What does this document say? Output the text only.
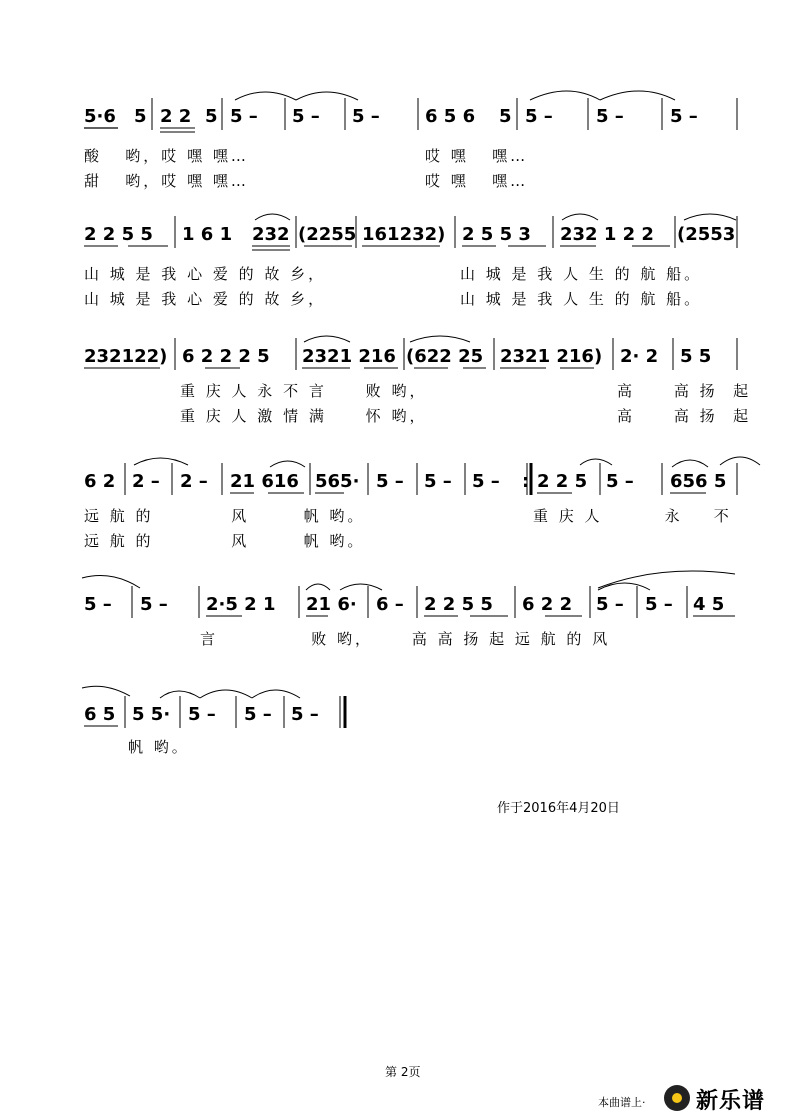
5·6 5 2 2 5 5 – 5 – 5 –	6 5 6 5 5 – 5 –	5 –
酸   哟，哎 嘿 嘿…	哎 嘿   嘿…
甜   哟，哎 嘿 嘿…	哎 嘿   嘿…
2 2 5 5 1 6 1 232 (2255 161232) 2 5 5 3 232 1 2 2 (2553
山 城 是 我 心 爱 的 故 乡，	山 城 是 我 人 生 的 航 船。
山 城 是 我 心 爱 的 故 乡，	山 城 是 我 人 生 的 航 船。
232122) 6 2 2 2 5 2321 216 (622 25 2321 216) 2· 2 5 5
重 庆 人 永 不 言     败 哟，	高     高 扬  起
重 庆 人 激 情 满     怀 哟，	高     高 扬  起
6 2 2 – 2 – 21 616 565· 5 – 5 – 5 – : 2 2 5 5 – 656 5
远 航 的          风       帆 哟。	重 庆 人        永    不
远 航 的          风       帆 哟。
5 – 5 – 2·5 2 1 21 6· 6 – 2 2 5 5 6 2 2 5 – 5 – 4 5
言            败 哟，     高 高 扬 起 远 航 的 风
6 5 5 5· 5 – 5 – 5 –
帆 哟。
作于2016年4月20日
第 2页
本曲谱上· 新乐谱
